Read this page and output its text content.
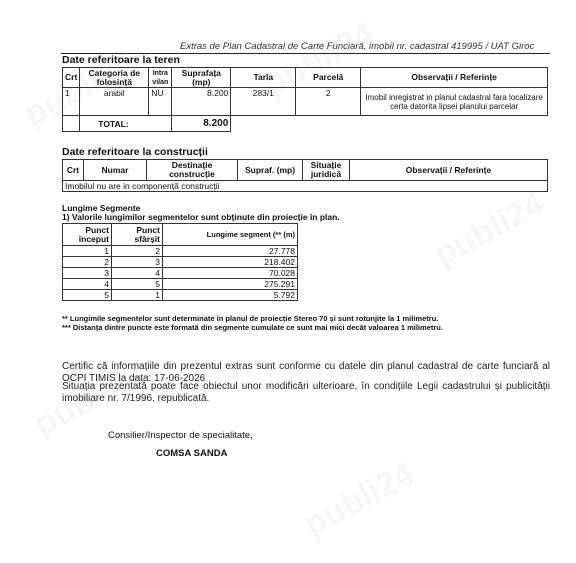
Extras de Plan Cadastral de Carte Funciară, imobil nr. cadastral 419995 / UAT Giroc
Date referitoare la teren
Crt	Categoria de folosință	Intra vilan	Suprafața (mp)	Tarla	Parcelă	Observații / Referințe
1	arabil	NU	8.200	283/1	2	Imobil inregistrat in planul cadastral fara localizare certa datorita lipsei planului parcelar
	TOTAL:		8.200			
Date referitoare la construcții
Crt	Numar	Destinație construcție	Supraf. (mp)	Situație juridică	Observații / Referințe
Imobilul nu are in componență construcții
Lungime Segmente
1) Valorile lungimilor segmentelor sunt obținute din proiecție în plan.
Punct început	Punct sfârșit	Lungime segment (** (m)
1	2	27.778
2	3	218.402
3	4	70.028
4	5	275.291
5	1	5.792
** Lungimile segmentelor sunt determinate în planul de proiecție Stereo 70 și sunt rotunjite la 1 milimetru.
*** Distanța dintre puncte este formată din segmente cumulate ce sunt mai mici decât valoarea 1 milimetru.
Certific că informațiile din prezentul extras sunt conforme cu datele din planul cadastral de carte funciară al OCPI TIMIS la data: 17-06-2026
Situația prezentată poate face obiectul unor modificări ulterioare, în condițiile Legii cadastrului și publicității imobiliare nr. 7/1996, republicată.
Consilier/Inspector de specialitate,
COMSA SANDA
